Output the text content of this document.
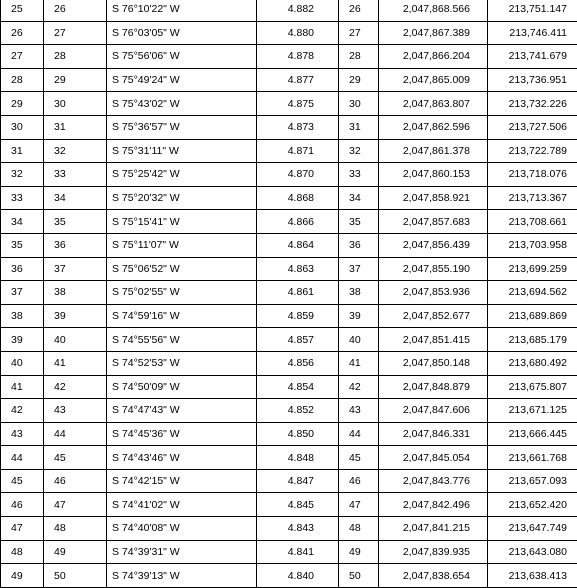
25	26	S 76°10'22" W	4.882	26	2,047,868.566	213,751.147
26	27	S 76°03'05" W	4.880	27	2,047,867.389	213,746.411
27	28	S 75°56'06" W	4.878	28	2,047,866.204	213,741.679
28	29	S 75°49'24" W	4.877	29	2,047,865.009	213,736.951
29	30	S 75°43'02" W	4.875	30	2,047,863.807	213,732.226
30	31	S 75°36'57" W	4.873	31	2,047,862.596	213,727.506
31	32	S 75°31'11" W	4.871	32	2,047,861.378	213,722.789
32	33	S 75°25'42" W	4.870	33	2,047,860.153	213,718.076
33	34	S 75°20'32" W	4.868	34	2,047,858.921	213,713.367
34	35	S 75°15'41" W	4.866	35	2,047,857.683	213,708.661
35	36	S 75°11'07" W	4.864	36	2,047,856.439	213,703.958
36	37	S 75°06'52" W	4.863	37	2,047,855.190	213,699.259
37	38	S 75°02'55" W	4.861	38	2,047,853.936	213,694.562
38	39	S 74°59'16" W	4.859	39	2,047,852.677	213,689.869
39	40	S 74°55'56" W	4.857	40	2,047,851.415	213,685.179
40	41	S 74°52'53" W	4.856	41	2,047,850.148	213,680.492
41	42	S 74°50'09" W	4.854	42	2,047,848.879	213,675.807
42	43	S 74°47'43" W	4.852	43	2,047,847.606	213,671.125
43	44	S 74°45'36" W	4.850	44	2,047,846.331	213,666.445
44	45	S 74°43'46" W	4.848	45	2,047,845.054	213,661.768
45	46	S 74°42'15" W	4.847	46	2,047,843.776	213,657.093
46	47	S 74°41'02" W	4.845	47	2,047,842.496	213,652.420
47	48	S 74°40'08" W	4.843	48	2,047,841.215	213,647.749
48	49	S 74°39'31" W	4.841	49	2,047,839.935	213,643.080
49	50	S 74°39'13" W	4.840	50	2,047,838.654	213,638.413
